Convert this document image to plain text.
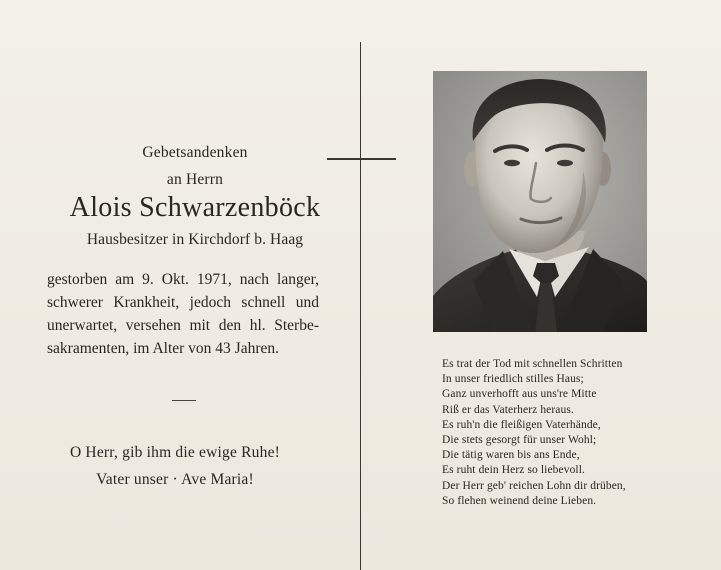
Gebetsandenken
an Herrn
Alois Schwarzenböck
Hausbesitzer in Kirchdorf b. Haag
gestorben am 9. Okt. 1971, nach langer,
schwerer Krankheit, jedoch schnell und
unerwartet, versehen mit den hl. Sterbe-
sakramenten, im Alter von 43 Jahren.
O Herr, gib ihm die ewige Ruhe!
Vater unser · Ave Maria!
Es trat der Tod mit schnellen Schritten
In unser friedlich stilles Haus;
Ganz unverhofft aus uns're Mitte
Riß er das Vaterherz heraus.
Es ruh'n die fleißigen Vaterhände,
Die stets gesorgt für unser Wohl;
Die tätig waren bis ans Ende,
Es ruht dein Herz so liebevoll.
Der Herr geb' reichen Lohn dir drüben,
So flehen weinend deine Lieben.
